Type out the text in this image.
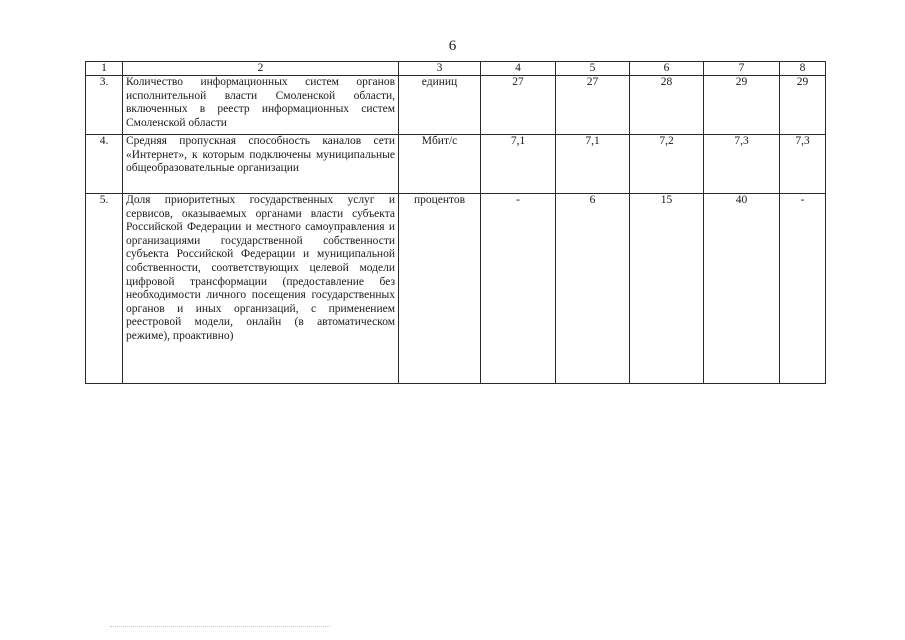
6
1	2	3	4	5	6	7	8
3.	Количество информационных систем органов исполнительной власти Смоленской области, включенных в реестр информационных систем Смоленской области	единиц	27	27	28	29	29
4.	Средняя пропускная способность каналов сети «Интернет», к которым подключены муниципальные общеобразовательные организации	Мбит/с	7,1	7,1	7,2	7,3	7,3
5.	Доля приоритетных государственных услуг и сервисов, оказываемых органами власти субъекта Российской Федерации и местного самоуправления и организациями государственной собственности субъекта Российской Федерации и муниципальной собственности, соответствующих целевой модели цифровой трансформации (предоставление без необходимости личного посещения государственных органов и иных организаций, с применением реестровой модели, онлайн (в автоматическом режиме), проактивно)	процентов	-	6	15	40	-
